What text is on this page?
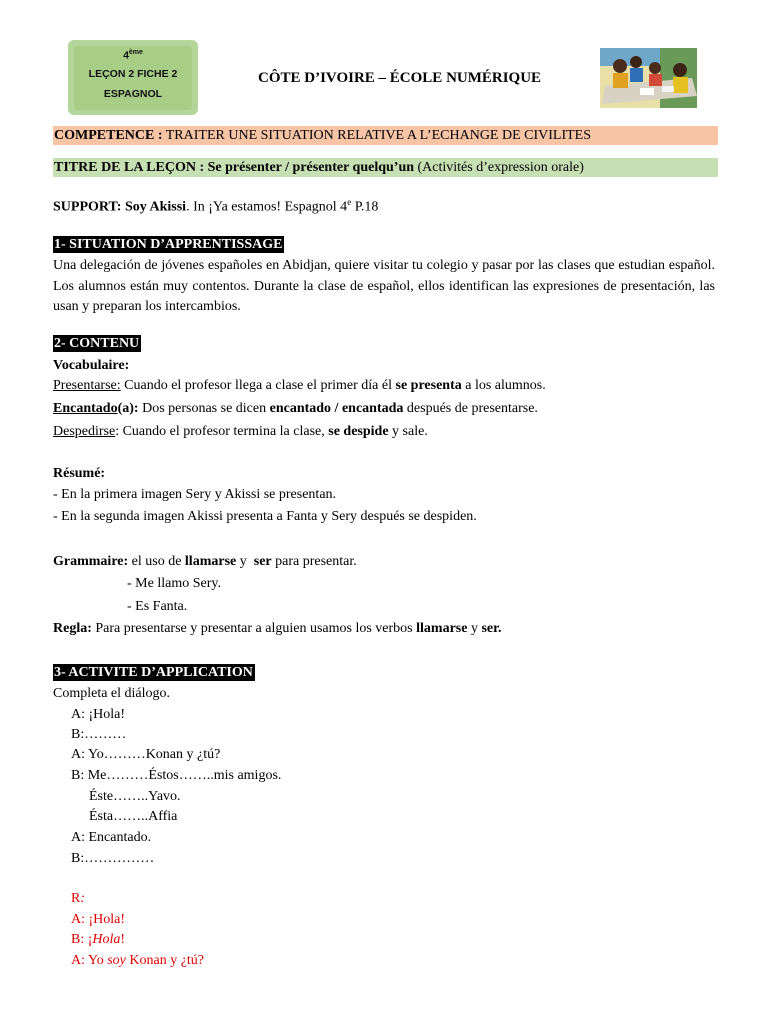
4ème
LEÇON 2 FICHE 2
ESPAGNOL
CÔTE D’IVOIRE – ÉCOLE NUMÉRIQUE
COMPETENCE : TRAITER UNE SITUATION RELATIVE A L’ECHANGE DE CIVILITES
TITRE DE LA LEÇON : Se présenter / présenter quelqu’un (Activités d’expression orale)
SUPPORT: Soy Akissi. In ¡Ya estamos! Espagnol 4e P.18
1- SITUATION D’APPRENTISSAGE
Una delegación de jóvenes españoles en Abidjan, quiere visitar tu colegio y pasar por las clases que estudian español. Los alumnos están muy contentos. Durante la clase de español, ellos identifican las expresiones de presentación, las usan y preparan los intercambios.
2- CONTENU
Vocabulaire:
Presentarse: Cuando el profesor llega a clase el primer día él se presenta a los alumnos.
Encantado(a): Dos personas se dicen encantado / encantada después de presentarse.
Despedirse: Cuando el profesor termina la clase, se despide y sale.
Résumé:
- En la primera imagen Sery y Akissi se presentan.
- En la segunda imagen Akissi presenta a Fanta y Sery después se despiden.
Grammaire: el uso de llamarse y  ser para presentar.
- Me llamo Sery.
- Es Fanta.
Regla: Para presentarse y presentar a alguien usamos los verbos llamarse y ser.
3- ACTIVITE D’APPLICATION
Completa el diálogo.
A: ¡Hola!
B:………
A: Yo………Konan y ¿tú?
B: Me………Éstos……..mis amigos.
Éste……..Yavo.
Ésta……..Affia
A: Encantado.
B:……………
R:
A: ¡Hola!
B: ¡Hola!
A: Yo soy Konan y ¿tú?
